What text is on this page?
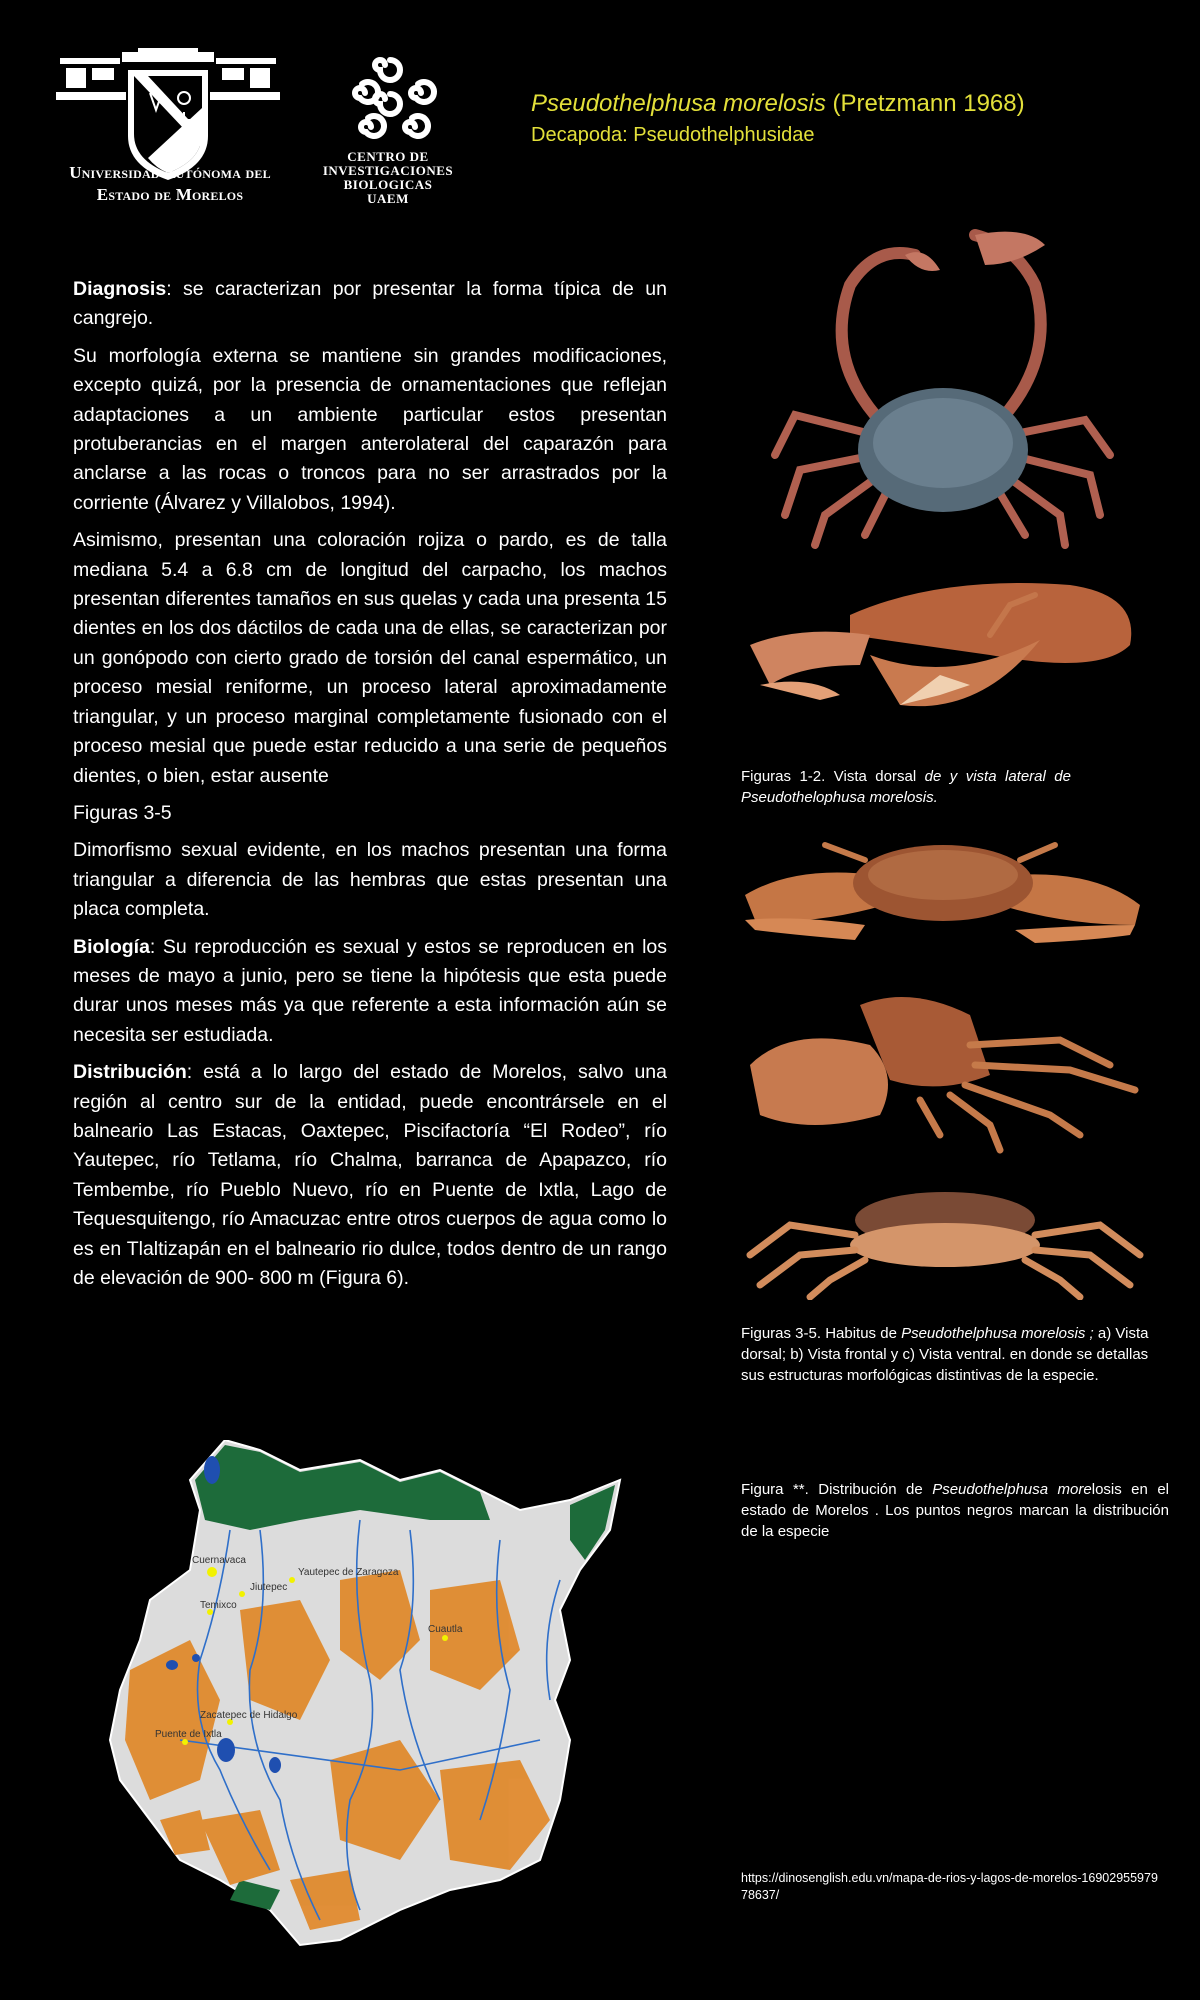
Universidad Autónoma del
Estado de Morelos
CENTRO DE
INVESTIGACIONES
BIOLOGICAS
UAEM
Pseudothelphusa morelosis (Pretzmann 1968)
Decapoda: Pseudothelphusidae

Diagnosis: se caracterizan por presentar la forma típica de un cangrejo.

Su morfología externa se mantiene sin grandes modificaciones, excepto quizá, por la presencia de ornamentaciones que reflejan adaptaciones a un ambiente particular estos presentan protuberancias en el margen anterolateral del caparazón para anclarse a las rocas o troncos para no ser arrastrados por la corriente (Álvarez y Villalobos, 1994).

Asimismo, presentan una coloración rojiza o pardo, es de talla mediana 5.4 a 6.8 cm de longitud del carpacho, los machos presentan diferentes tamaños en sus quelas y cada una presenta 15 dientes en los dos dáctilos de cada una de ellas, se caracterizan por un gonópodo con cierto grado de torsión del canal espermático, un proceso mesial reniforme, un proceso lateral aproximadamente triangular, y un proceso marginal completamente fusionado con el proceso mesial que puede estar reducido a una serie de pequeños dientes, o bien, estar ausente

Figuras 3-5

Dimorfismo sexual evidente, en los machos presentan una forma triangular a diferencia de las hembras que estas presentan una placa completa.

Biología: Su reproducción es sexual y estos se reproducen en los meses de mayo a junio, pero se tiene la hipótesis que esta puede durar unos meses más ya que referente a esta información aún se necesita ser estudiada.

Distribución: está a lo largo del estado de Morelos, salvo una región al centro sur de la entidad, puede encontrársele en el balneario Las Estacas, Oaxtepec, Piscifactoría “El Rodeo”, río Yautepec, río Tetlama, río Chalma, barranca de Apapazco, río Tembembe, río Pueblo Nuevo, río en Puente de Ixtla, Lago de Tequesquitengo, río Amacuzac entre otros cuerpos de agua como lo es en Tlaltizapán en el balneario rio dulce, todos dentro de un rango de elevación de 900- 800 m (Figura 6).

Figuras 1-2. Vista dorsal de y vista lateral de Pseudothelophusa morelosis.
Figuras 3-5. Habitus de Pseudothelphusa morelosis ; a) Vista dorsal; b) Vista frontal y c) Vista ventral. en donde se detallas sus estructuras morfológicas distintivas de la especie.
Figura **. Distribución de Pseudothelphusa morelosis en el estado de Morelos . Los puntos negros marcan la distribución de la especie
Cuernavaca
Jiutepec
Yautepec de Zaragoza
Temixco
Cuautla
Zacatepec de Hidalgo
Puente de Ixtla
https://dinosenglish.edu.vn/mapa-de-rios-y-lagos-de-morelos-1690295597978637/
